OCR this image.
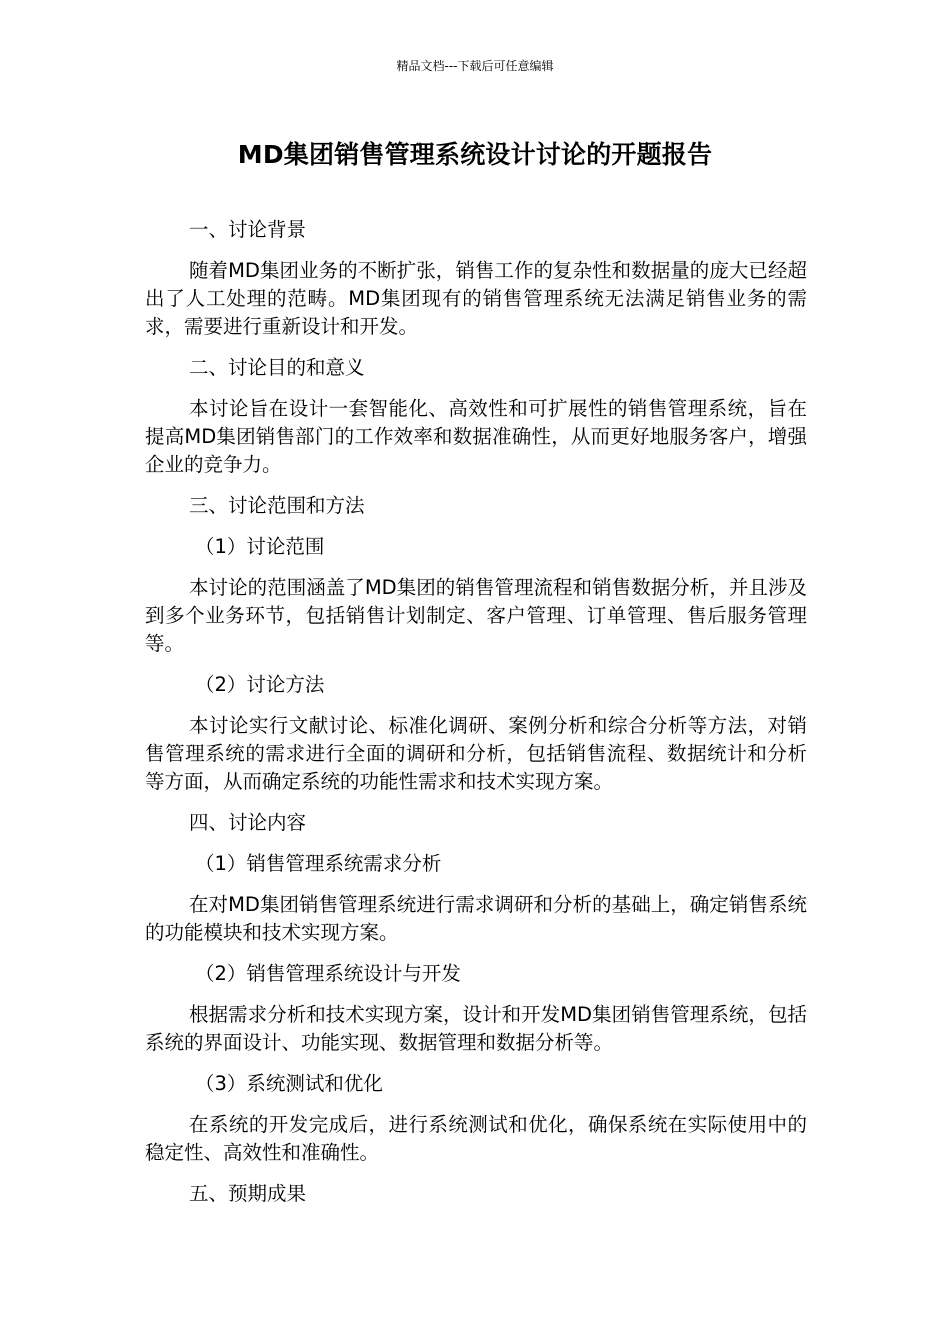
精品文档---下载后可任意编辑
MD集团销售管理系统设计讨论的开题报告

一、讨论背景

随着MD集团业务的不断扩张，销售工作的复杂性和数据量的庞大已经超出了人工处理的范畴。MD集团现有的销售管理系统无法满足销售业务的需求，需要进行重新设计和开发。

二、讨论目的和意义

本讨论旨在设计一套智能化、高效性和可扩展性的销售管理系统，旨在提高MD集团销售部门的工作效率和数据准确性，从而更好地服务客户，增强企业的竞争力。

三、讨论范围和方法

（1）讨论范围

本讨论的范围涵盖了MD集团的销售管理流程和销售数据分析，并且涉及到多个业务环节，包括销售计划制定、客户管理、订单管理、售后服务管理等。

（2）讨论方法

本讨论实行文献讨论、标准化调研、案例分析和综合分析等方法，对销售管理系统的需求进行全面的调研和分析，包括销售流程、数据统计和分析等方面，从而确定系统的功能性需求和技术实现方案。

四、讨论内容

（1）销售管理系统需求分析

在对MD集团销售管理系统进行需求调研和分析的基础上，确定销售系统的功能模块和技术实现方案。

（2）销售管理系统设计与开发

根据需求分析和技术实现方案，设计和开发MD集团销售管理系统，包括系统的界面设计、功能实现、数据管理和数据分析等。

（3）系统测试和优化

在系统的开发完成后，进行系统测试和优化，确保系统在实际使用中的稳定性、高效性和准确性。

五、预期成果
